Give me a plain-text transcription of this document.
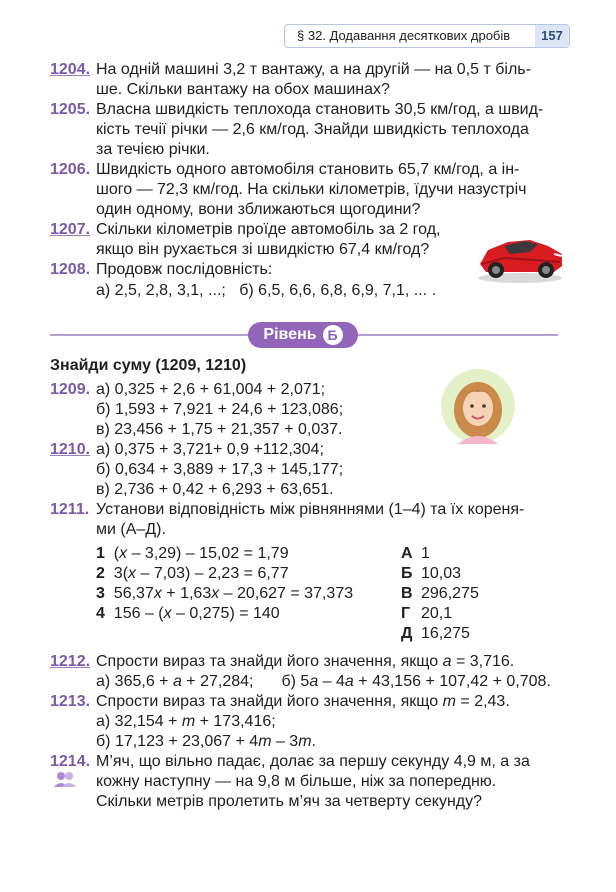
§ 32. Додавання десяткових дробів	157
1204. На одній машині 3,2 т вантажу, а на другій — на 0,5 т біль-
ше. Скільки вантажу на обох машинах?
1205. Власна швидкість теплохода становить 30,5 км/год, а швид-
кість течії річки — 2,6 км/год. Знайди швидкість теплохода
за течією річки.
1206. Швидкість одного автомобіля становить 65,7 км/год, а ін-
шого — 72,3 км/год. На скільки кілометрів, їдучи назустріч
один одному, вони зближаються щогодини?
1207. Скільки кілометрів проїде автомобіль за 2 год,
якщо він рухається зі швидкістю 67,4 км/год?
1208. Продовж послідовність:
а) 2,5, 2,8, 3,1, ...;   б) 6,5, 6,6, 6,8, 6,9, 7,1, ... .
Рівень Б
Знайди суму (1209, 1210)
1209. а) 0,325 + 2,6 + 61,004 + 2,071;
б) 1,593 + 7,921 + 24,6 + 123,086;
в) 23,456 + 1,75 + 21,357 + 0,037.
1210. а) 0,375 + 3,721+ 0,9 +112,304;
б) 0,634 + 3,889 + 17,3 + 145,177;
в) 2,736 + 0,42 + 6,293 + 63,651.
1211. Установи відповідність між рівняннями (1–4) та їх кореня-
ми (А–Д).
1 (x – 3,29) – 15,02 = 1,79
2 3(x – 7,03) – 2,23 = 6,77
3 56,37x + 1,63x – 20,627 = 37,373
4 156 – (x – 0,275) = 140
А 1
Б 10,03
В 296,275
Г 20,1
Д 16,275
1212. Спрости вираз та знайди його значення, якщо a = 3,716.
а) 365,6 + a + 27,284; б) 5a – 4a + 43,156 + 107,42 + 0,708.
1213. Спрости вираз та знайди його значення, якщо m = 2,43.
а) 32,154 + m + 173,416;
б) 17,123 + 23,067 + 4m – 3m.
1214. М’яч, що вільно падає, долає за першу секунду 4,9 м, а за
кожну наступну — на 9,8 м більше, ніж за попередню.
Скільки метрів пролетить м’яч за четверту секунду?
